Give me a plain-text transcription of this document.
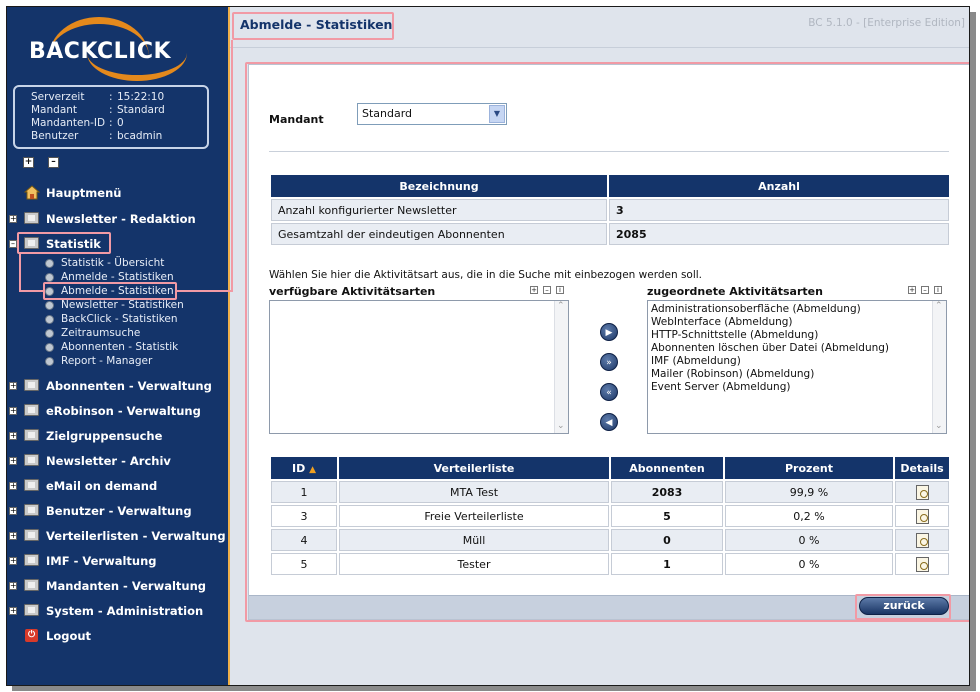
BACKCLICK
Serverzeit	: 15:22:10
Mandant	: Standard
Mandanten-ID : 0
Benutzer	: bcadmin
+	–
Hauptmenü
+	Newsletter - Redaktion
–	Statistik
Statistik - Übersicht
Anmelde - Statistiken
Abmelde - Statistiken
Newsletter - Statistiken
BackClick - Statistiken
Zeitraumsuche
Abonnenten - Statistik
Report - Manager
+	Abonnenten - Verwaltung
+	eRobinson - Verwaltung
+	Zielgruppensuche
+	Newsletter - Archiv
+	eMail on demand
+	Benutzer - Verwaltung
+	Verteilerlisten - Verwaltung
+	IMF - Verwaltung
+	Mandanten - Verwaltung
+	System - Administration
⏻ Logout
Abmelde - Statistiken	BC 5.1.0 - [Enterprise Edition]
Mandant	Standard	▼
Bezeichnung	Anzahl
Anzahl konfigurierter Newsletter	3
Gesamtzahl der eindeutigen Abonnenten	2085
Wählen Sie hier die Aktivitätsart aus, die in die Suche mit einbezogen werden soll.
verfügbare Aktivitätsarten	+	–	i	zugeordnete Aktivitätsarten	+	–	i
⌃ ⌄
▶
»
«
◀
Administrationsoberfläche (Abmeldung)
WebInterface (Abmeldung)
HTTP-Schnittstelle (Abmeldung)
Abonnenten löschen über Datei (Abmeldung)
IMF (Abmeldung)
Mailer (Robinson) (Abmeldung)
Event Server (Abmeldung)
⌃ ⌄
ID ▲	Verteilerliste	Abonnenten	Prozent	Details
1	MTA Test	2083	99,9 %	
3	Freie Verteilerliste	5	0,2 %	
4	Müll	0	0 %	
5	Tester	1	0 %	
zurück
